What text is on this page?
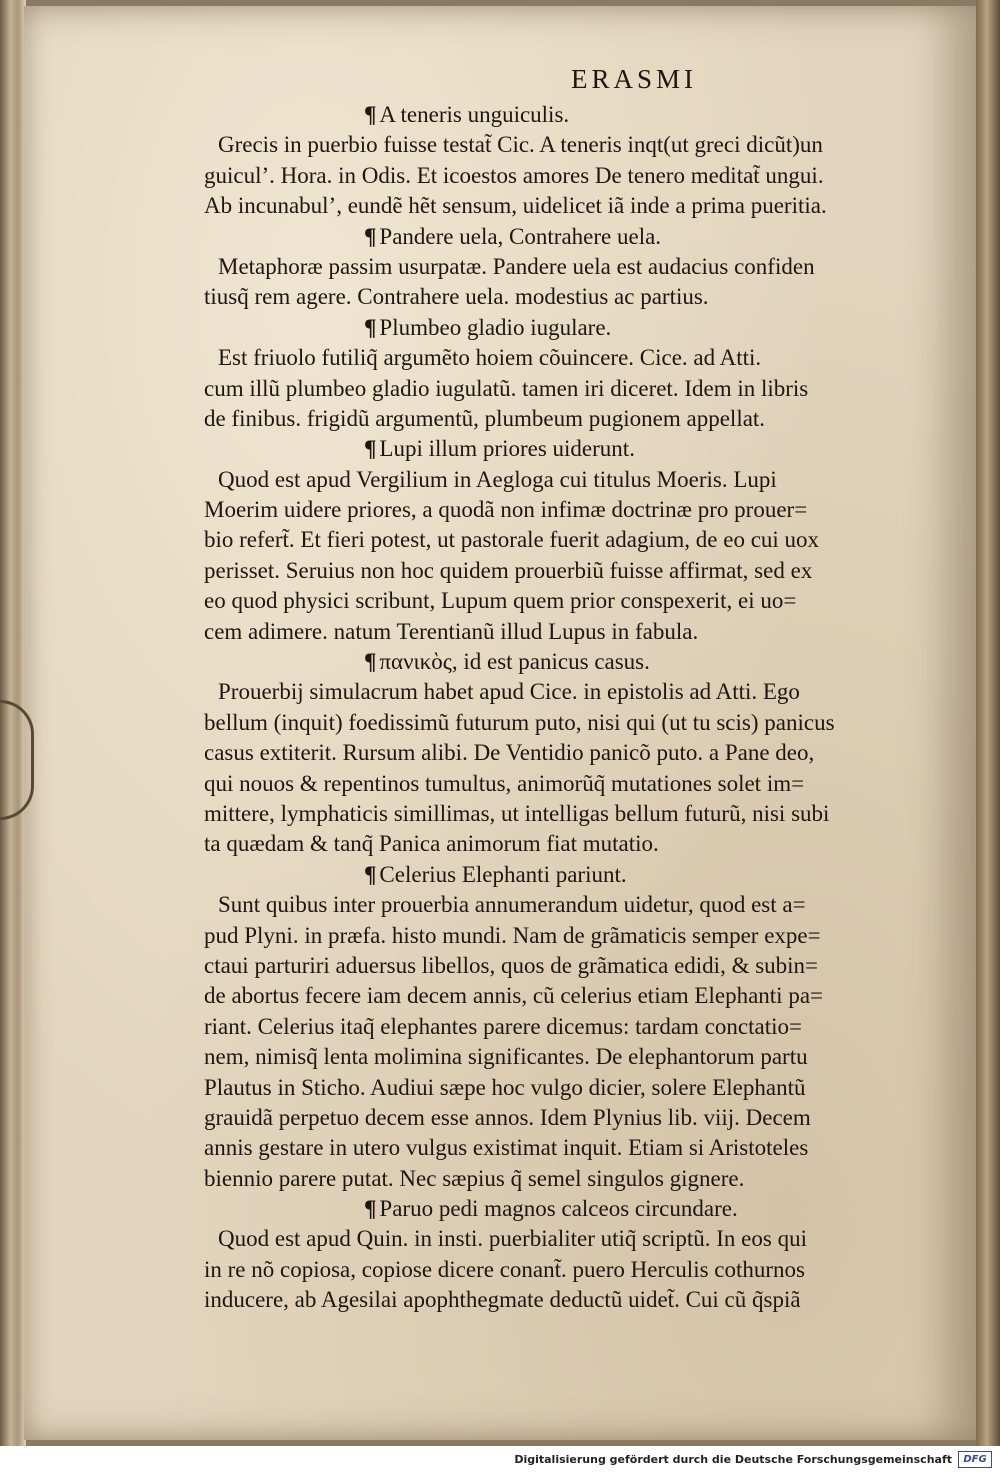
ERASMI
¶ A teneris unguiculis.
Grecis in puerbio fuisse testat̃ Cic. A teneris inqt(ut greci dicũt)un
guicul’. Hora. in Odis. Et icoestos amores De tenero meditat̃ ungui.
Ab incunabul’, eundẽ hẽt sensum, uidelicet iã inde a prima pueritia.
¶ Pandere uela, Contrahere uela.
Metaphoræ passim usurpatæ. Pandere uela est audacius confiden
tiusq̃ rem agere. Contrahere uela. modestius ac partius.
¶ Plumbeo gladio iugulare.
Est friuolo futiliq̃ argumẽto hoiem cõuincere. Cice. ad Atti.
cum illũ plumbeo gladio iugulatũ. tamen iri diceret. Idem in libris
de finibus. frigidũ argumentũ, plumbeum pugionem appellat.
¶ Lupi illum priores uiderunt.
Quod est apud Vergilium in Aegloga cui titulus Moeris. Lupi
Moerim uidere priores, a quodã non infimæ doctrinæ pro prouer=
bio refert̃. Et fieri potest, ut pastorale fuerit adagium, de eo cui uox
perisset. Seruius non hoc quidem prouerbiũ fuisse affirmat, sed ex
eo quod physici scribunt, Lupum quem prior conspexerit, ei uo=
cem adimere. natum Terentianũ illud Lupus in fabula.
¶ πανικὸς, id est panicus casus.
Prouerbij simulacrum habet apud Cice. in epistolis ad Atti. Ego
bellum (inquit) foedissimũ futurum puto, nisi qui (ut tu scis) panicus
casus extiterit. Rursum alibi. De Ventidio panicõ puto. a Pane deo,
qui nouos & repentinos tumultus, animorũq̃ mutationes solet im=
mittere, lymphaticis simillimas, ut intelligas bellum futurũ, nisi subi
ta quædam & tanq̃ Panica animorum fiat mutatio.
¶ Celerius Elephanti pariunt.
Sunt quibus inter prouerbia annumerandum uidetur, quod est a=
pud Plyni. in præfa. histo mundi. Nam de grãmaticis semper expe=
ctaui parturiri aduersus libellos, quos de grãmatica edidi, & subin=
de abortus fecere iam decem annis, cũ celerius etiam Elephanti pa=
riant. Celerius itaq̃ elephantes parere dicemus: tardam conctatio=
nem, nimisq̃ lenta molimina significantes. De elephantorum partu
Plautus in Sticho. Audiui sæpe hoc vulgo dicier, solere Elephantũ
grauidã perpetuo decem esse annos. Idem Plynius lib. viij. Decem
annis gestare in utero vulgus existimat inquit. Etiam si Aristoteles
biennio parere putat. Nec sæpius q̃ semel singulos gignere.
¶ Paruo pedi magnos calceos circundare.
Quod est apud Quin. in insti. puerbialiter utiq̃ scriptũ. In eos qui
in re nõ copiosa, copiose dicere conant̃. puero Herculis cothurnos
inducere, ab Agesilai apophthegmate deductũ uidet̃. Cui cũ q̃spiã
Digitalisierung gefördert durch die Deutsche Forschungsgemeinschaft	DFG
